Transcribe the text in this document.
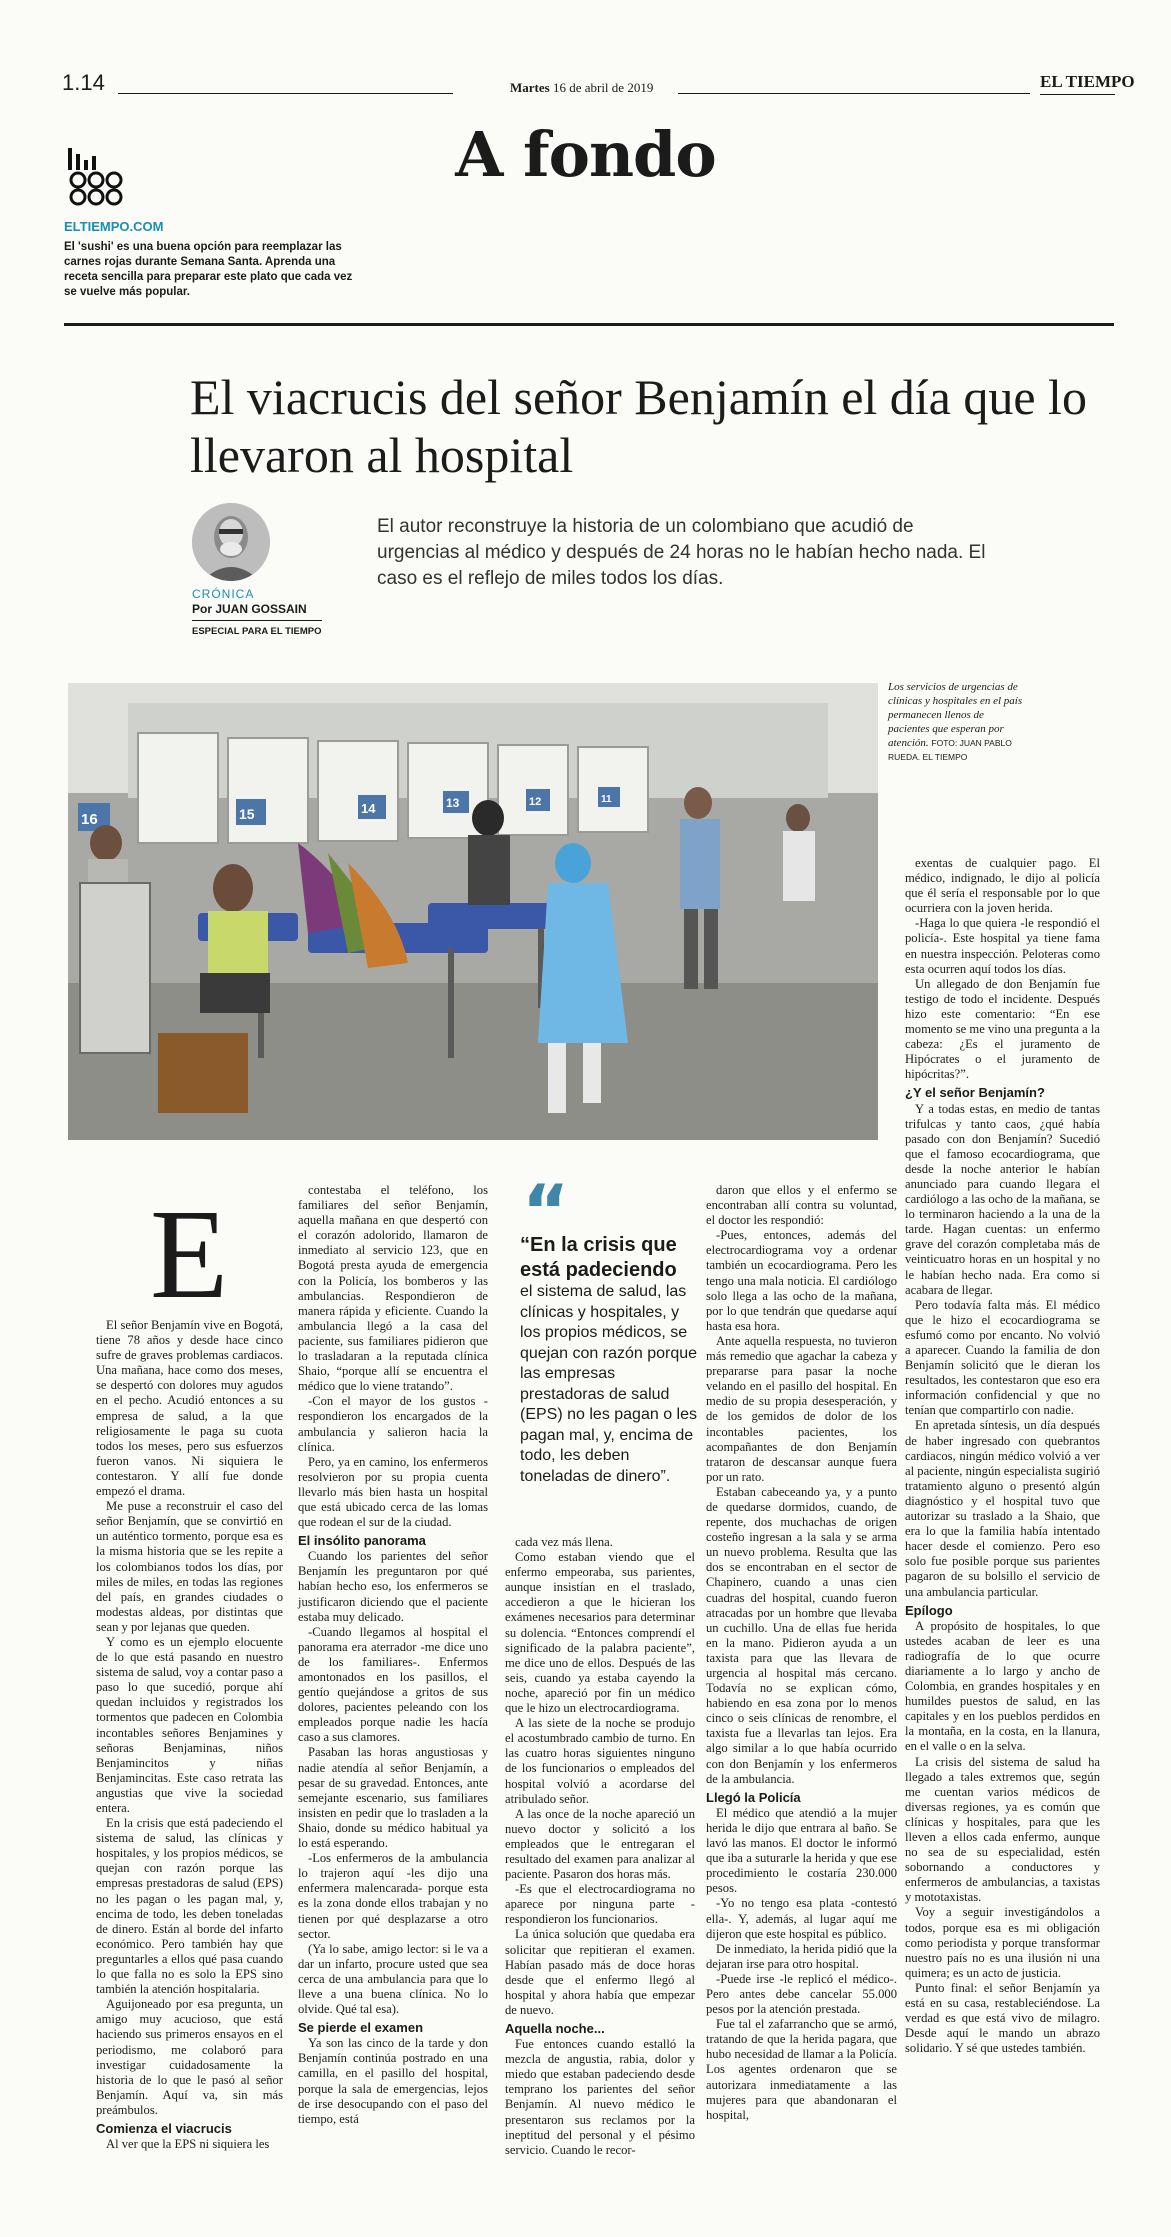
1.14	Martes 16 de abril de 2019	EL TIEMPO
A fondo
ELTIEMPO.COM
El 'sushi' es una buena opción para reemplazar las carnes rojas durante Semana Santa. Aprenda una receta sencilla para preparar este plato que cada vez se vuelve más popular.
El viacrucis del señor Benjamín el día que lo llevaron al hospital
CRÓNICA
Por JUAN GOSSAIN
ESPECIAL PARA EL TIEMPO
El autor reconstruye la historia de un colombiano que acudió de urgencias al médico y después de 24 horas no le habían hecho nada. El caso es el reflejo de miles todos los días.
16	15	14	13	12	11
Los servicios de urgencias de clínicas y hospitales en el país permanecen llenos de pacientes que esperan por atención. FOTO: JUAN PABLO RUEDA. EL TIEMPO
E

El señor Benjamín vive en Bogotá, tiene 78 años y desde hace cinco sufre de graves problemas cardiacos. Una mañana, hace como dos meses, se despertó con dolores muy agudos en el pecho. Acudió entonces a su empresa de salud, a la que religiosamente le paga su cuota todos los meses, pero sus esfuerzos fueron vanos. Ni siquiera le contestaron. Y allí fue donde empezó el drama.

Me puse a reconstruir el caso del señor Benjamín, que se convirtió en un auténtico tormento, porque esa es la misma historia que se les repite a los colombianos todos los días, por miles de miles, en todas las regiones del país, en grandes ciudades o modestas aldeas, por distintas que sean y por lejanas que queden.

Y como es un ejemplo elocuente de lo que está pasando en nuestro sistema de salud, voy a contar paso a paso lo que sucedió, porque ahí quedan incluidos y registrados los tormentos que padecen en Colombia incontables señores Benjamines y señoras Benjaminas, niños Benjamincitos y niñas Benjamincitas. Este caso retrata las angustias que vive la sociedad entera.

En la crisis que está padeciendo el sistema de salud, las clínicas y hospitales, y los propios médicos, se quejan con razón porque las empresas prestadoras de salud (EPS) no les pagan o les pagan mal, y, encima de todo, les deben toneladas de dinero. Están al borde del infarto económico. Pero también hay que preguntarles a ellos qué pasa cuando lo que falla no es solo la EPS sino también la atención hospitalaria.

Aguijoneado por esa pregunta, un amigo muy acucioso, que está haciendo sus primeros ensayos en el periodismo, me colaboró para investigar cuidadosamente la historia de lo que le pasó al señor Benjamín. Aquí va, sin más preámbulos.

Comienza el viacrucis

Al ver que la EPS ni siquiera les

contestaba el teléfono, los familiares del señor Benjamín, aquella mañana en que despertó con el corazón adolorido, llamaron de inmediato al servicio 123, que en Bogotá presta ayuda de emergencia con la Policía, los bomberos y las ambulancias. Respondieron de manera rápida y eficiente. Cuando la ambulancia llegó a la casa del paciente, sus familiares pidieron que lo trasladaran a la reputada clínica Shaio, “porque allí se encuentra el médico que lo viene tratando”.

-Con el mayor de los gustos -respondieron los encargados de la ambulancia y salieron hacia la clínica.

Pero, ya en camino, los enfermeros resolvieron por su propia cuenta llevarlo más bien hasta un hospital que está ubicado cerca de las lomas que rodean el sur de la ciudad.

El insólito panorama

Cuando los parientes del señor Benjamín les preguntaron por qué habían hecho eso, los enfermeros se justificaron diciendo que el paciente estaba muy delicado.

-Cuando llegamos al hospital el panorama era aterrador -me dice uno de los familiares-. Enfermos amontonados en los pasillos, el gentío quejándose a gritos de sus dolores, pacientes peleando con los empleados porque nadie les hacía caso a sus clamores.

Pasaban las horas angustiosas y nadie atendía al señor Benjamín, a pesar de su gravedad. Entonces, ante semejante escenario, sus familiares insisten en pedir que lo trasladen a la Shaio, donde su médico habitual ya lo está esperando.

-Los enfermeros de la ambulancia lo trajeron aquí -les dijo una enfermera malencarada- porque esta es la zona donde ellos trabajan y no tienen por qué desplazarse a otro sector.

(Ya lo sabe, amigo lector: si le va a dar un infarto, procure usted que sea cerca de una ambulancia para que lo lleve a una buena clínica. No lo olvide. Qué tal esa).

Se pierde el examen

Ya son las cinco de la tarde y don Benjamín continúa postrado en una camilla, en el pasillo del hospital, porque la sala de emergencias, lejos de irse desocupando con el paso del tiempo, está

“
“En la crisis que está padeciendo
el sistema de salud, las clínicas y hospitales, y los propios médicos, se quejan con razón porque las empresas prestadoras de salud (EPS) no les pagan o les pagan mal, y, encima de todo, les deben toneladas de dinero”.

cada vez más llena.

Como estaban viendo que el enfermo empeoraba, sus parientes, aunque insistían en el traslado, accedieron a que le hicieran los exámenes necesarios para determinar su dolencia. “Entonces comprendí el significado de la palabra paciente”, me dice uno de ellos. Después de las seis, cuando ya estaba cayendo la noche, apareció por fin un médico que le hizo un electrocardiograma.

A las siete de la noche se produjo el acostumbrado cambio de turno. En las cuatro horas siguientes ninguno de los funcionarios o empleados del hospital volvió a acordarse del atribulado señor.

A las once de la noche apareció un nuevo doctor y solicitó a los empleados que le entregaran el resultado del examen para analizar al paciente. Pasaron dos horas más.

-Es que el electrocardiograma no aparece por ninguna parte -respondieron los funcionarios.

La única solución que quedaba era solicitar que repitieran el examen. Habían pasado más de doce horas desde que el enfermo llegó al hospital y ahora había que empezar de nuevo.

Aquella noche...

Fue entonces cuando estalló la mezcla de angustia, rabia, dolor y miedo que estaban padeciendo desde temprano los parientes del señor Benjamín. Al nuevo médico le presentaron sus reclamos por la ineptitud del personal y el pésimo servicio. Cuando le recor-

daron que ellos y el enfermo se encontraban allí contra su voluntad, el doctor les respondió:

-Pues, entonces, además del electrocardiograma voy a ordenar también un ecocardiograma. Pero les tengo una mala noticia. El cardiólogo solo llega a las ocho de la mañana, por lo que tendrán que quedarse aquí hasta esa hora.

Ante aquella respuesta, no tuvieron más remedio que agachar la cabeza y prepararse para pasar la noche velando en el pasillo del hospital. En medio de su propia desesperación, y de los gemidos de dolor de los incontables pacientes, los acompañantes de don Benjamín trataron de descansar aunque fuera por un rato.

Estaban cabeceando ya, y a punto de quedarse dormidos, cuando, de repente, dos muchachas de origen costeño ingresan a la sala y se arma un nuevo problema. Resulta que las dos se encontraban en el sector de Chapinero, cuando a unas cien cuadras del hospital, cuando fueron atracadas por un hombre que llevaba un cuchillo. Una de ellas fue herida en la mano. Pidieron ayuda a un taxista para que las llevara de urgencia al hospital más cercano. Todavía no se explican cómo, habiendo en esa zona por lo menos cinco o seis clínicas de renombre, el taxista fue a llevarlas tan lejos. Era algo similar a lo que había ocurrido con don Benjamín y los enfermeros de la ambulancia.

Llegó la Policía

El médico que atendió a la mujer herida le dijo que entrara al baño. Se lavó las manos. El doctor le informó que iba a suturarle la herida y que ese procedimiento le costaría 230.000 pesos.

-Yo no tengo esa plata -contestó ella-. Y, además, al lugar aquí me dijeron que este hospital es público.

De inmediato, la herida pidió que la dejaran irse para otro hospital.

-Puede irse -le replicó el médico-. Pero antes debe cancelar 55.000 pesos por la atención prestada.

Fue tal el zafarrancho que se armó, tratando de que la herida pagara, que hubo necesidad de llamar a la Policía. Los agentes ordenaron que se autorizara inmediatamente a las mujeres para que abandonaran el hospital,

exentas de cualquier pago. El médico, indignado, le dijo al policía que él sería el responsable por lo que ocurriera con la joven herida.

-Haga lo que quiera -le respondió el policía-. Este hospital ya tiene fama en nuestra inspección. Peloteras como esta ocurren aquí todos los días.

Un allegado de don Benjamín fue testigo de todo el incidente. Después hizo este comentario: “En ese momento se me vino una pregunta a la cabeza: ¿Es el juramento de Hipócrates o el juramento de hipócritas?”.

¿Y el señor Benjamín?

Y a todas estas, en medio de tantas trifulcas y tanto caos, ¿qué había pasado con don Benjamín? Sucedió que el famoso ecocardiograma, que desde la noche anterior le habían anunciado para cuando llegara el cardiólogo a las ocho de la mañana, se lo terminaron haciendo a la una de la tarde. Hagan cuentas: un enfermo grave del corazón completaba más de veinticuatro horas en un hospital y no le habían hecho nada. Era como si acabara de llegar.

Pero todavía falta más. El médico que le hizo el ecocardiograma se esfumó como por encanto. No volvió a aparecer. Cuando la familia de don Benjamín solicitó que le dieran los resultados, les contestaron que eso era información confidencial y que no tenían que compartirlo con nadie.

En apretada síntesis, un día después de haber ingresado con quebrantos cardiacos, ningún médico volvió a ver al paciente, ningún especialista sugirió tratamiento alguno o presentó algún diagnóstico y el hospital tuvo que autorizar su traslado a la Shaio, que era lo que la familia había intentado hacer desde el comienzo. Pero eso solo fue posible porque sus parientes pagaron de su bolsillo el servicio de una ambulancia particular.

Epílogo

A propósito de hospitales, lo que ustedes acaban de leer es una radiografía de lo que ocurre diariamente a lo largo y ancho de Colombia, en grandes hospitales y en humildes puestos de salud, en las capitales y en los pueblos perdidos en la montaña, en la costa, en la llanura, en el valle o en la selva.

La crisis del sistema de salud ha llegado a tales extremos que, según me cuentan varios médicos de diversas regiones, ya es común que clínicas y hospitales, para que les lleven a ellos cada enfermo, aunque no sea de su especialidad, estén sobornando a conductores y enfermeros de ambulancias, a taxistas y mototaxistas.

Voy a seguir investigándolos a todos, porque esa es mi obligación como periodista y porque transformar nuestro país no es una ilusión ni una quimera; es un acto de justicia.

Punto final: el señor Benjamín ya está en su casa, restableciéndose. La verdad es que está vivo de milagro. Desde aquí le mando un abrazo solidario. Y sé que ustedes también.
